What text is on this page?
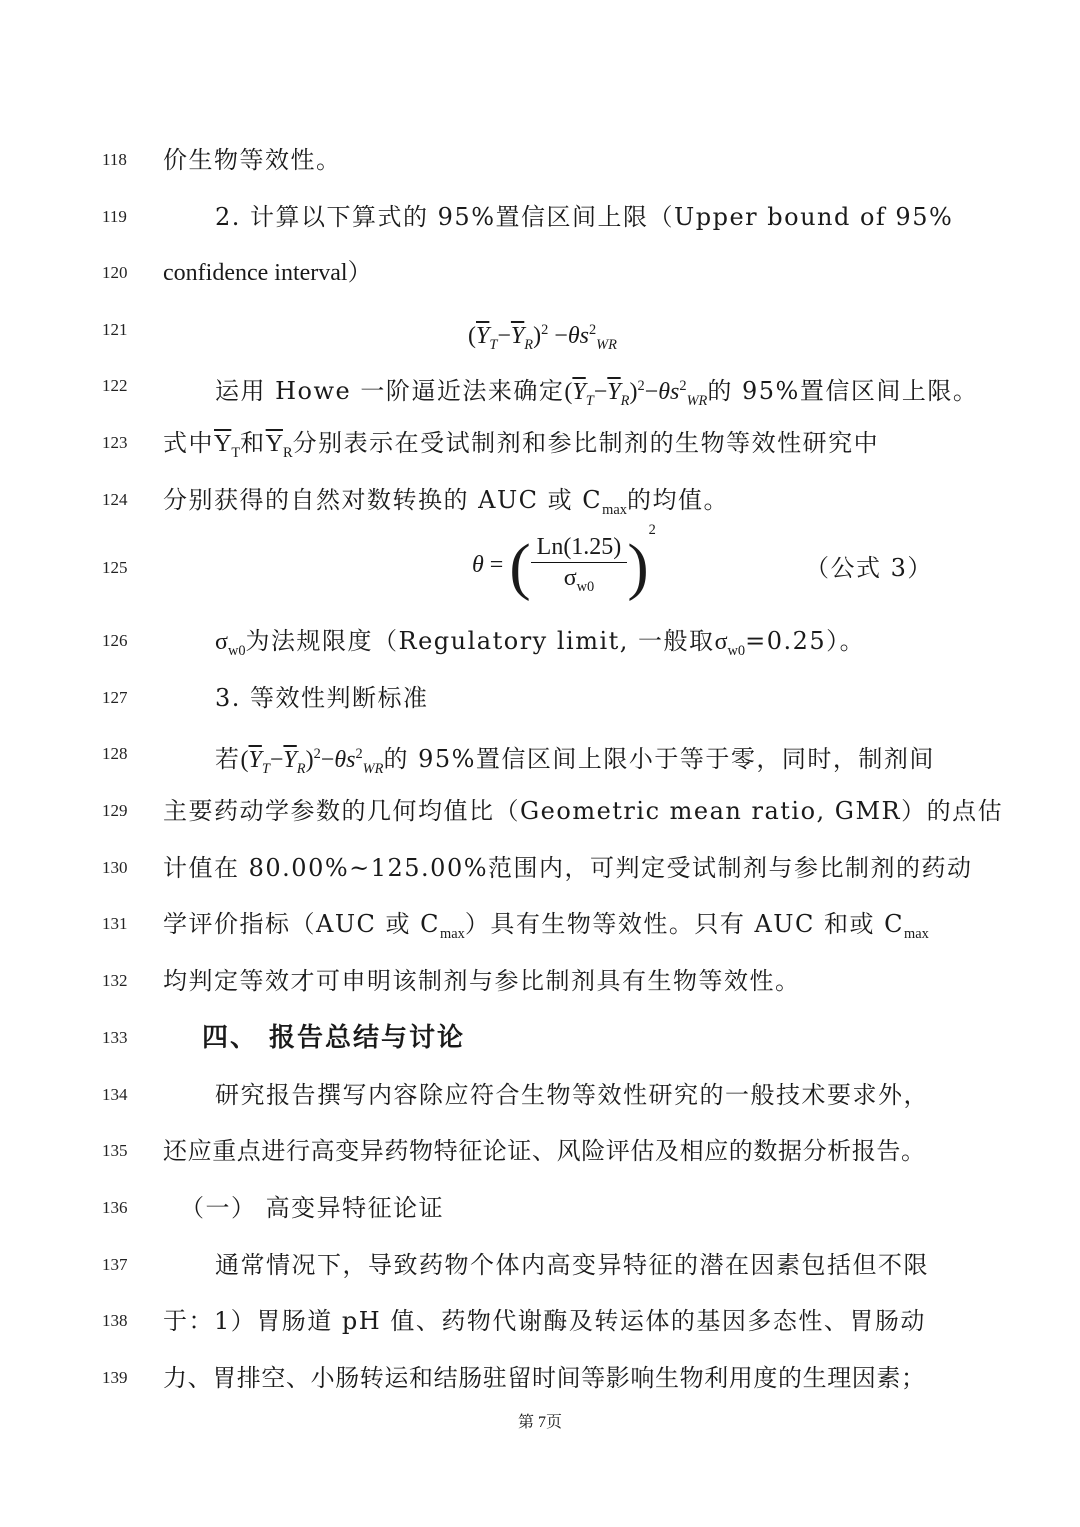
118 价生物等效性。
119	2. 计算以下算式的 95%置信区间上限（Upper bound of 95%
120 confidence interval）
121	$(\overline{Y}_T-\overline{Y}_R)^2 -\theta s^2_{WR}$
122	运用 Howe 一阶逼近法来确定$(\overline{Y}_T-\overline{Y}_R)^2-\theta s^2_{WR}$的 95%置信区间上限。
123 式中$\overline{Y}_T$和$\overline{Y}_R$分别表示在受试制剂和参比制剂的生物等效性研究中
124 分别获得的自然对数转换的 AUC 或 $C_{max}$的均值。
125	θ = ( $\frac{Ln(1.25)}{\sigma_{w0}} )^2$
（公式 3）
126	$\sigma_{w0}$为法规限度（Regulatory limit, 一般取$\sigma_{w0}=0.25$）。
127	3. 等效性判断标准
128	若$(\overline{Y}_T-\overline{Y}_R)^2-\theta s^2_{WR}$的 95%置信区间上限小于等于零，同时，制剂间
129 主要药动学参数的几何均值比（Geometric mean ratio, GMR）的点估
130 计值在 80.00%~125.00%范围内，可判定受试制剂与参比制剂的药动
131 学评价指标（AUC 或 $C_{max}$）具有生物等效性。只有 AUC 和或 $C_{max}$
132 均判定等效才可申明该制剂与参比制剂具有生物等效性。
133	四、 报告总结与讨论
134	研究报告撰写内容除应符合生物等效性研究的一般技术要求外，
135 还应重点进行高变异药物特征论证、风险评估及相应的数据分析报告。
136 （一） 高变异特征论证
137	通常情况下，导致药物个体内高变异特征的潜在因素包括但不限
138 于：1）胃肠道 pH 值、药物代谢酶及转运体的基因多态性、胃肠动
139 力、胃排空、小肠转运和结肠驻留时间等影响生物利用度的生理因素；
第 7页
